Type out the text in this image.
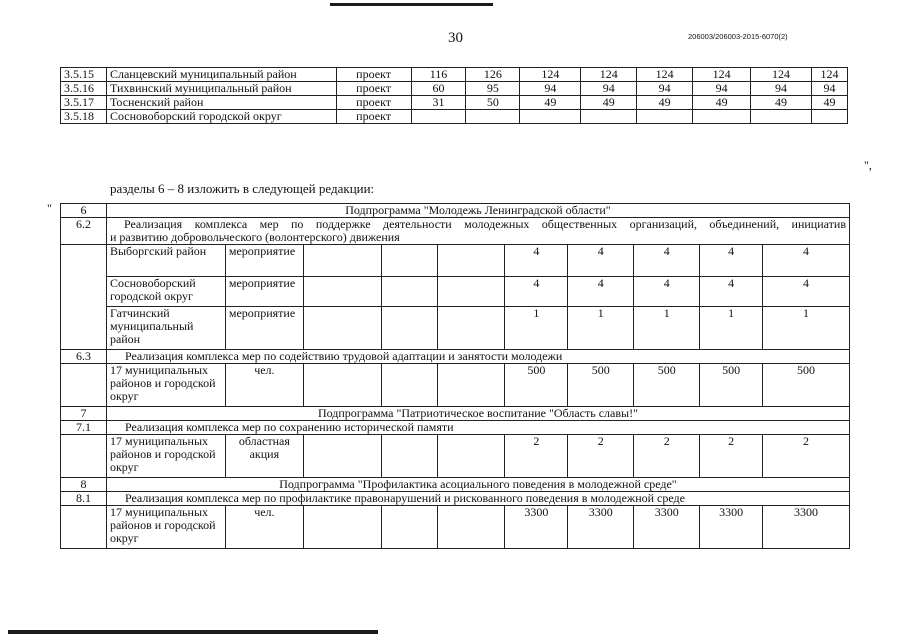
30	206003/206003-2015-6070(2)
3.5.15	Сланцевский муниципальный район	проект	116	126	124	124	124	124	124	124
3.5.16	Тихвинский муниципальный район	проект	60	95	94	94	94	94	94	94
3.5.17	Тосненский район	проект	31	50	49	49	49	49	49	49
3.5.18	Сосновоборский городской округ	проект								
",
разделы 6 – 8 изложить в следующей редакции:
" 6	Подпрограмма "Молодежь Ленинградской области"									
6.2	Реализация комплекса мер по поддержке деятельности молодежных общественных организаций, объединений, инициатив
и развитию добровольческого (волонтерского) движения									

	Выборгский район	мероприятие				4	4	4	4	4
	Сосновоборский городской округ	мероприятие				4	4	4	4	4
	Гатчинский муниципальный район	мероприятие				1	1	1	1	1
6.3	Реализация комплекса мер по содействию трудовой адаптации и занятости молодежи									
	17 муниципальных районов и городской округ	чел.				500	500	500	500	500
7	Подпрограмма "Патриотическое воспитание "Область славы!"									
7.1	Реализация комплекса мер по сохранению исторической памяти									
	17 муниципальных районов и городской округ	областная акция				2	2	2	2	2
8	Подпрограмма "Профилактика асоциального поведения в молодежной среде"									
8.1	Реализация комплекса мер по профилактике правонарушений и рискованного поведения в молодежной среде									
	17 муниципальных районов и городской округ	чел.				3300	3300	3300	3300	3300
